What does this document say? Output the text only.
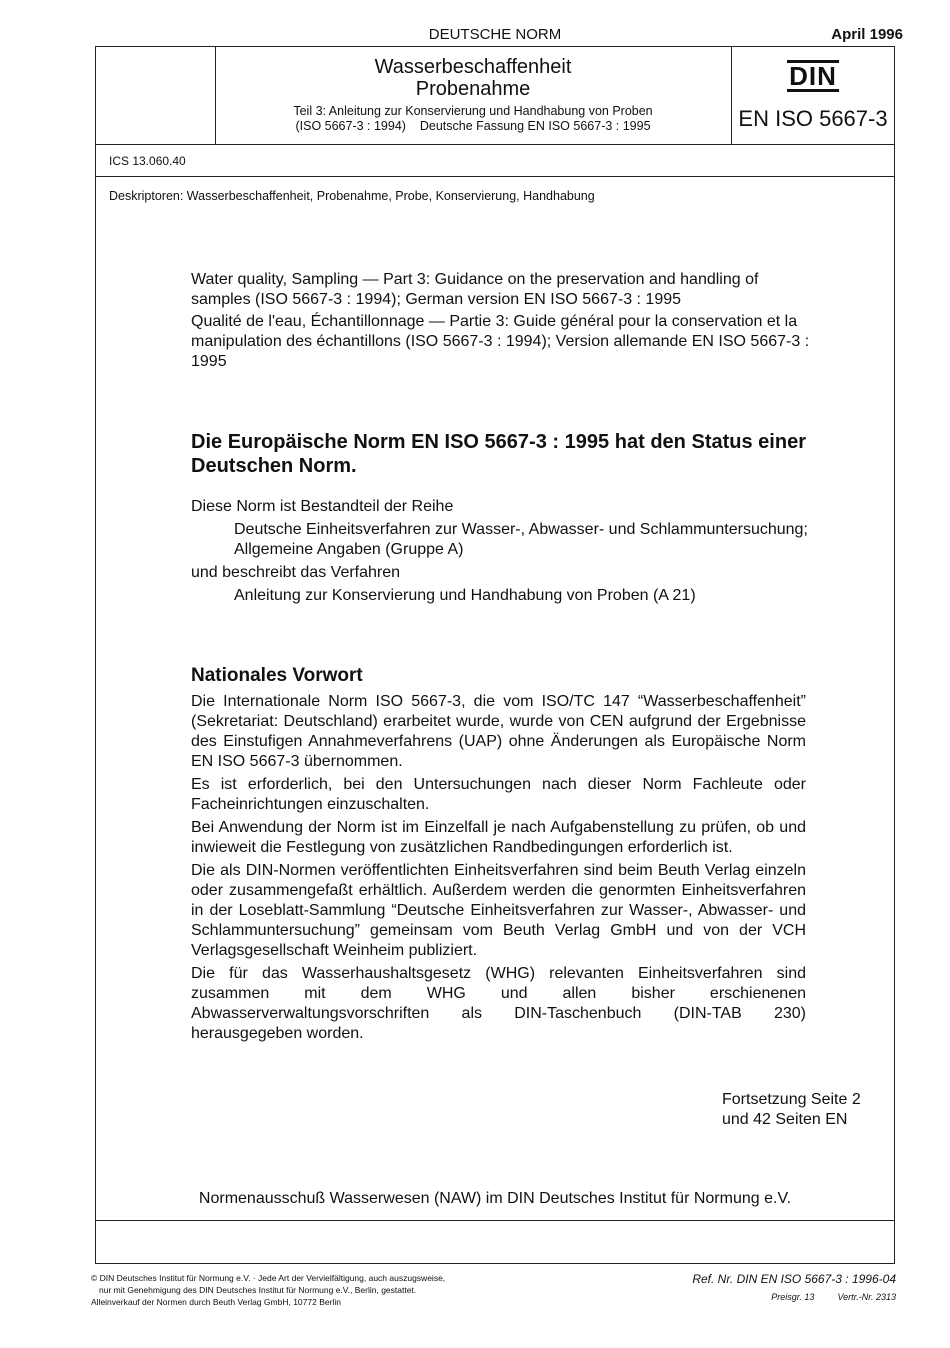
DEUTSCHE NORM	April 1996
Wasserbeschaffenheit
Probenahme
Teil 3: Anleitung zur Konservierung und Handhabung von Proben
(ISO 5667-3 : 1994)    Deutsche Fassung EN ISO 5667-3 : 1995
DIN
EN ISO 5667-3
ICS 13.060.40
Deskriptoren: Wasserbeschaffenheit, Probenahme, Probe, Konservierung, Handhabung
Water quality, Sampling — Part 3: Guidance on the preservation and handling of samples (ISO 5667-3 : 1994); German version EN ISO 5667-3 : 1995
Qualité de l'eau, Échantillonnage — Partie 3: Guide général pour la conservation et la manipulation des échantillons (ISO 5667-3 : 1994); Version allemande EN ISO 5667-3 : 1995
Die Europäische Norm EN ISO 5667-3 : 1995 hat den Status einer Deutschen Norm.
Diese Norm ist Bestandteil der Reihe
Deutsche Einheitsverfahren zur Wasser-, Abwasser- und Schlammuntersuchung; Allgemeine Angaben (Gruppe A)
und beschreibt das Verfahren
Anleitung zur Konservierung und Handhabung von Proben (A 21)
Nationales Vorwort

Die Internationale Norm ISO 5667-3, die vom ISO/TC 147 “Wasserbeschaffenheit” (Sekretariat: Deutschland) erarbeitet wurde, wurde von CEN aufgrund der Ergebnisse des Einstufigen Annahmeverfahrens (UAP) ohne Änderungen als Europäische Norm EN ISO 5667-3 übernommen.

Es ist erforderlich, bei den Untersuchungen nach dieser Norm Fachleute oder Facheinrichtungen einzuschalten.

Bei Anwendung der Norm ist im Einzelfall je nach Aufgabenstellung zu prüfen, ob und inwieweit die Festlegung von zusätzlichen Randbedingungen erforderlich ist.

Die als DIN-Normen veröffentlichten Einheitsverfahren sind beim Beuth Verlag einzeln oder zusammengefaßt erhältlich. Außerdem werden die genormten Einheitsverfahren in der Loseblatt-Sammlung “Deutsche Einheitsverfahren zur Wasser-, Abwasser- und Schlammuntersuchung” gemeinsam vom Beuth Verlag GmbH und von der VCH Verlagsgesellschaft Weinheim publiziert.

Die für das Wasserhaushaltsgesetz (WHG) relevanten Einheitsverfahren sind zusammen mit dem WHG und allen bisher erschienenen Abwasserverwaltungsvorschriften als DIN-Taschenbuch (DIN-TAB 230) herausgegeben worden.

Fortsetzung Seite 2
und 42 Seiten EN
Normenausschuß Wasserwesen (NAW) im DIN Deutsches Institut für Normung e.V.
© DIN Deutsches Institut für Normung e.V. · Jede Art der Vervielfältigung, auch auszugsweise,
nur mit Genehmigung des DIN Deutsches Institut für Normung e.V., Berlin, gestattet.
Alleinverkauf der Normen durch Beuth Verlag GmbH, 10772 Berlin
Ref. Nr. DIN EN ISO 5667-3 : 1996-04
Preisgr. 13	Vertr.-Nr. 2313
